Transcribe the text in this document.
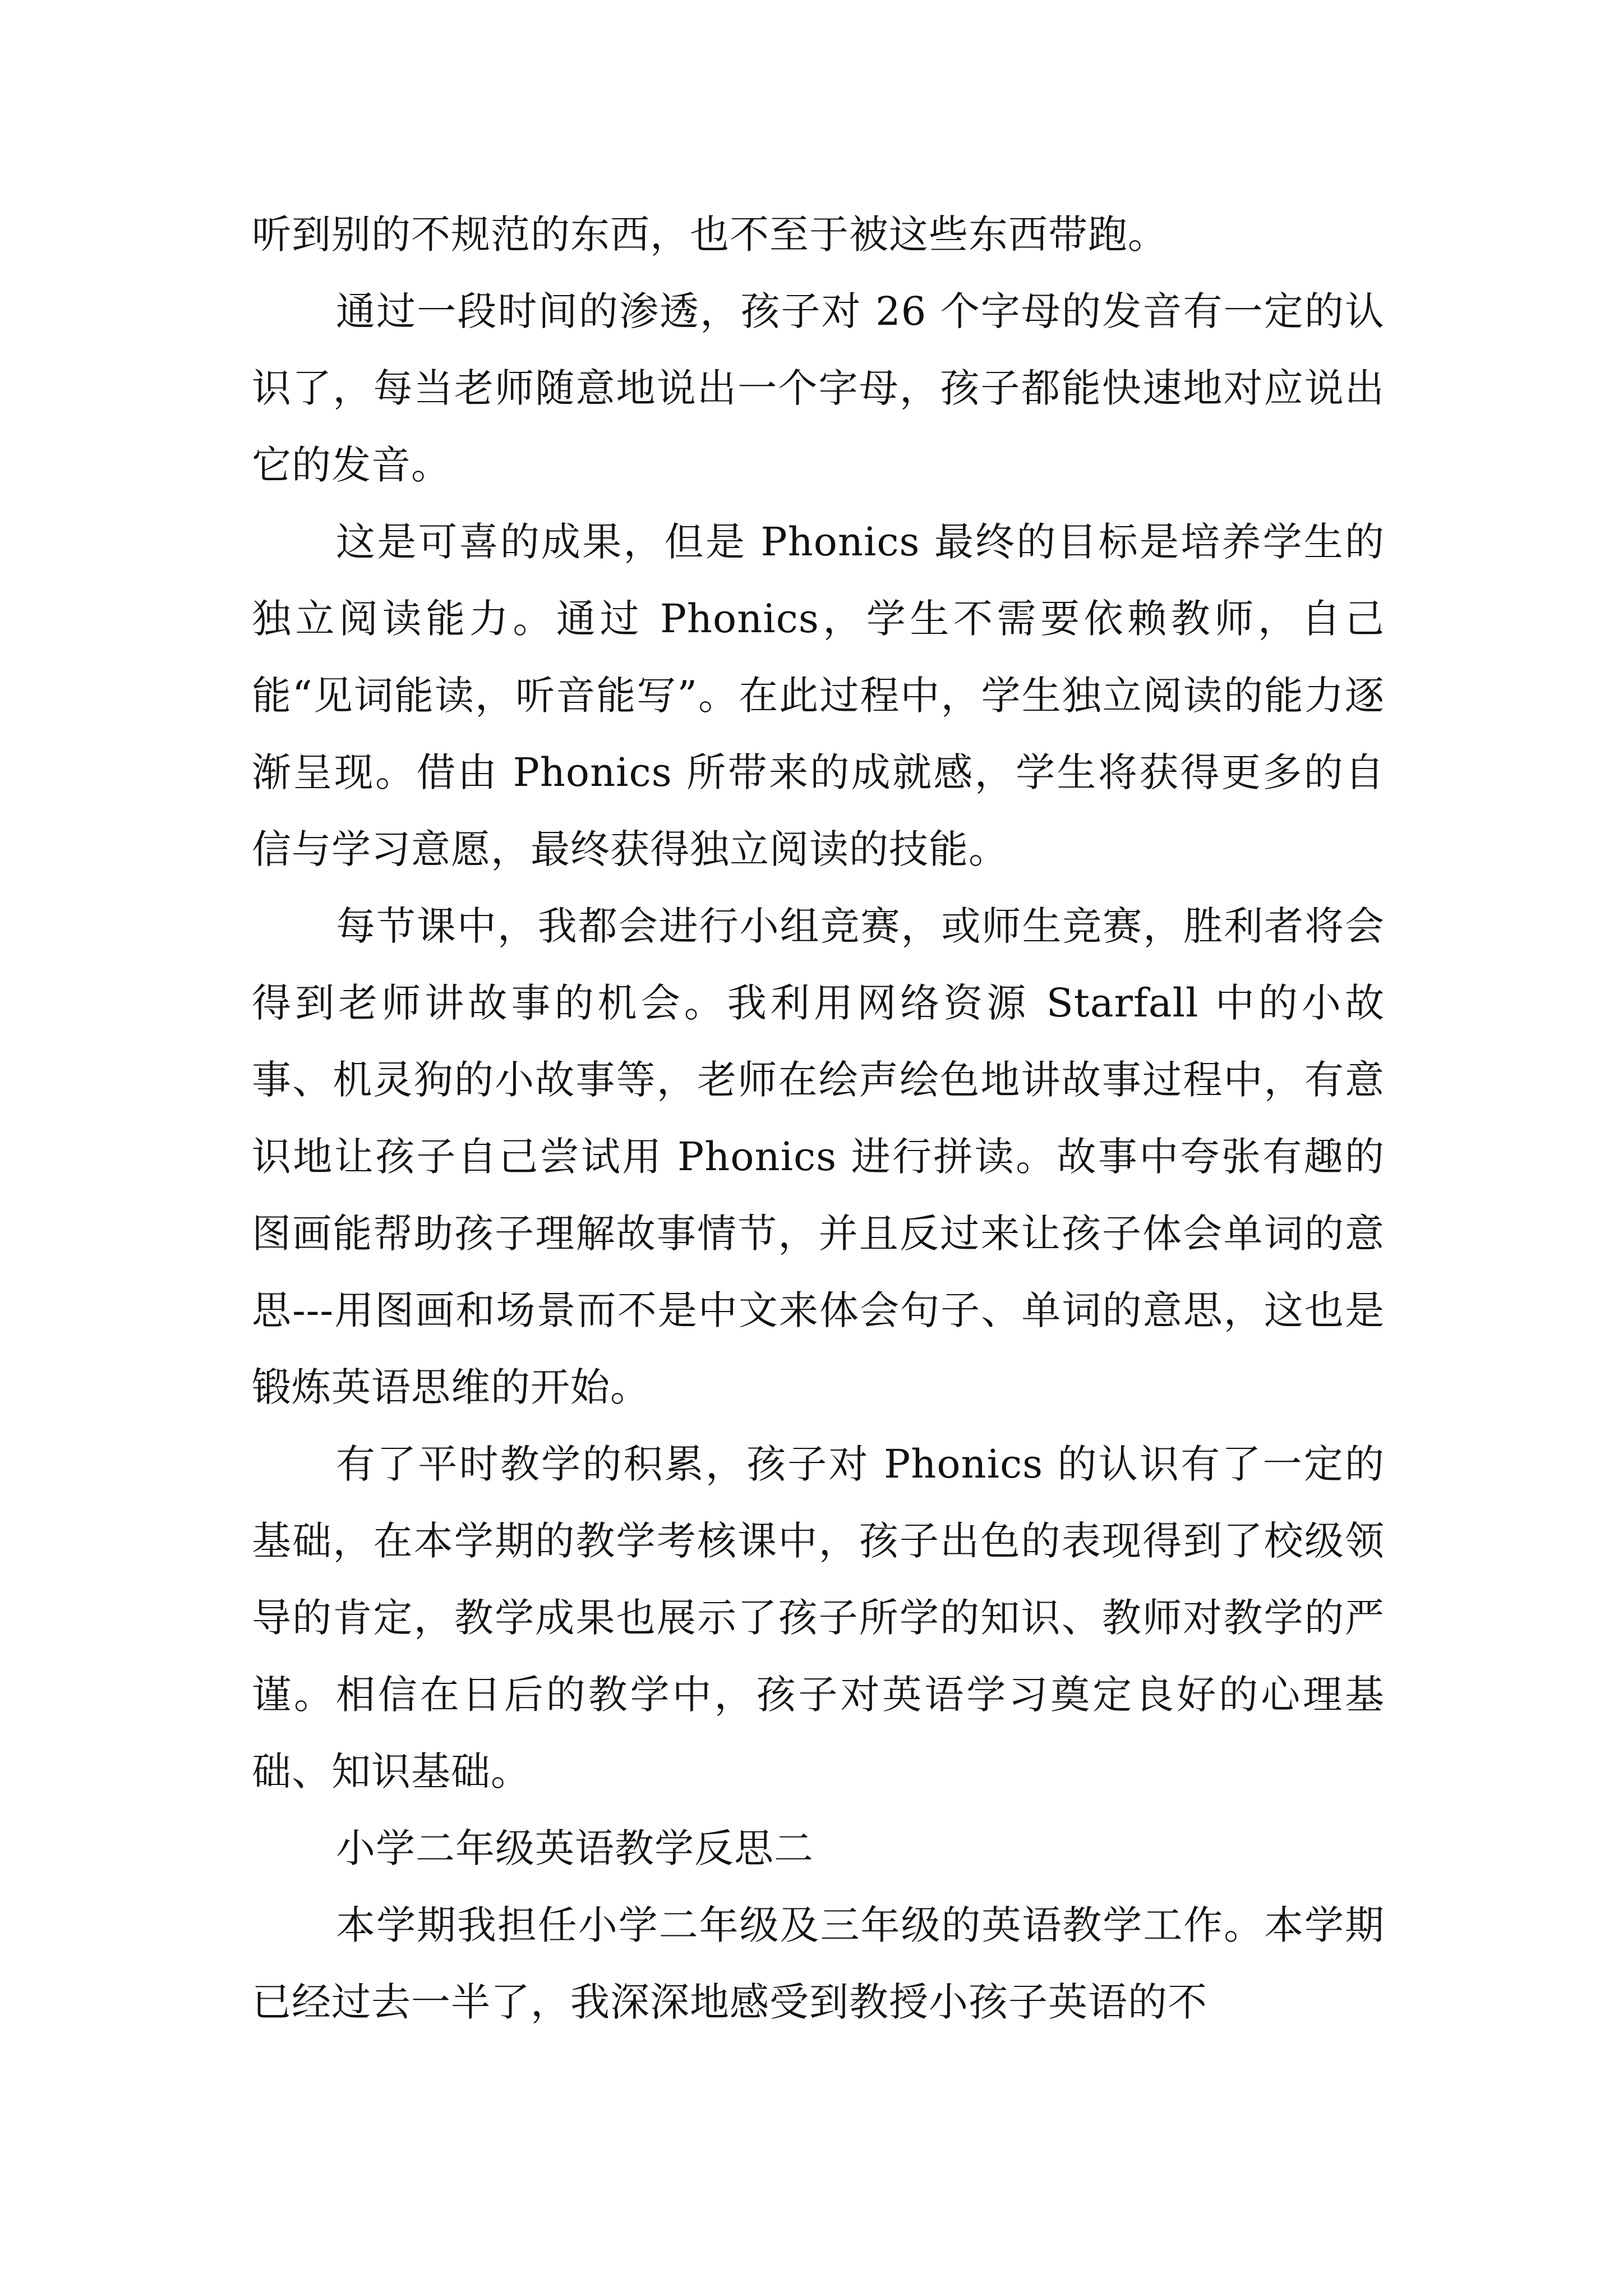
听到别的不规范的东西，也不至于被这些东西带跑。

通过一段时间的渗透，孩子对 26 个字母的发音有一定的认识了，每当老师随意地说出一个字母，孩子都能快速地对应说出它的发音。

这是可喜的成果，但是 Phonics 最终的目标是培养学生的独立阅读能力。通过 Phonics，学生不需要依赖教师，自己能“见词能读，听音能写”。在此过程中，学生独立阅读的能力逐渐呈现。借由 Phonics 所带来的成就感，学生将获得更多的自信与学习意愿，最终获得独立阅读的技能。

每节课中，我都会进行小组竞赛，或师生竞赛，胜利者将会得到老师讲故事的机会。我利用网络资源 Starfall 中的小故事、机灵狗的小故事等，老师在绘声绘色地讲故事过程中，有意识地让孩子自己尝试用 Phonics 进行拼读。故事中夸张有趣的图画能帮助孩子理解故事情节，并且反过来让孩子体会单词的意思---用图画和场景而不是中文来体会句子、单词的意思，这也是锻炼英语思维的开始。

有了平时教学的积累，孩子对 Phonics 的认识有了一定的基础，在本学期的教学考核课中，孩子出色的表现得到了校级领导的肯定，教学成果也展示了孩子所学的知识、教师对教学的严谨。相信在日后的教学中，孩子对英语学习奠定良好的心理基础、知识基础。

小学二年级英语教学反思二

本学期我担任小学二年级及三年级的英语教学工作。本学期已经过去一半了，我深深地感受到教授小孩子英语的不
